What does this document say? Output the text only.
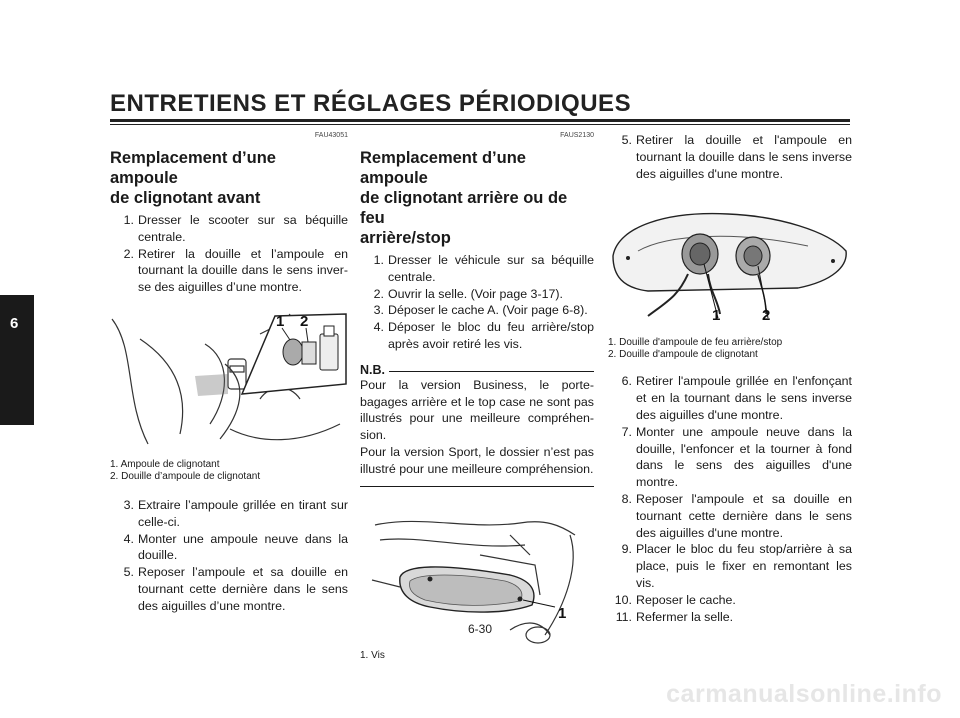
ENTRETIENS ET RÉGLAGES PÉRIODIQUES
6
FAU43051
Remplacement d’une ampoule
de clignotant avant
1. Dresser le scooter sur sa béquille centrale.
2. Retirer la douille et l’ampoule en tournant la douille dans le sens inverse des aiguilles d’une montre.
1 2
1. Ampoule de clignotant
2. Douille d’ampoule de clignotant
3. Extraire l’ampoule grillée en tirant sur celle-ci.
4. Monter une ampoule neuve dans la douille.
5. Reposer l’ampoule et sa douille en tournant cette dernière dans le sens des aiguilles d’une montre.
FAUS2130
Remplacement d’une ampoule
de clignotant arrière ou de feu
arrière/stop
1. Dresser le véhicule sur sa béquille centrale.
2. Ouvrir la selle. (Voir page 3-17).
3. Déposer le cache A. (Voir page 6-8).
4. Déposer le bloc du feu arrière/stop après avoir retiré les vis.
N.B.
Pour la version Business, le porte-bagages arrière et le top case ne sont pas illustrés pour une meilleure compréhension.
Pour la version Sport, le dossier n’est pas illustré pour une meilleure compréhension.
1
1. Vis
5. Retirer la douille et l'ampoule en tournant la douille dans le sens inverse des aiguilles d'une montre.
1	2
1. Douille d'ampoule de feu arrière/stop
2. Douille d'ampoule de clignotant
6. Retirer l'ampoule grillée en l'enfonçant et en la tournant dans le sens inverse des aiguilles d'une montre.
7. Monter une ampoule neuve dans la douille, l'enfoncer et la tourner à fond dans le sens des aiguilles d'une montre.
8. Reposer l'ampoule et sa douille en tournant cette dernière dans le sens des aiguilles d'une montre.
9. Placer le bloc du feu stop/arrière à sa place, puis le fixer en remontant les vis.
10. Reposer le cache.
11. Refermer la selle.
6-30
carmanualsonline.info
